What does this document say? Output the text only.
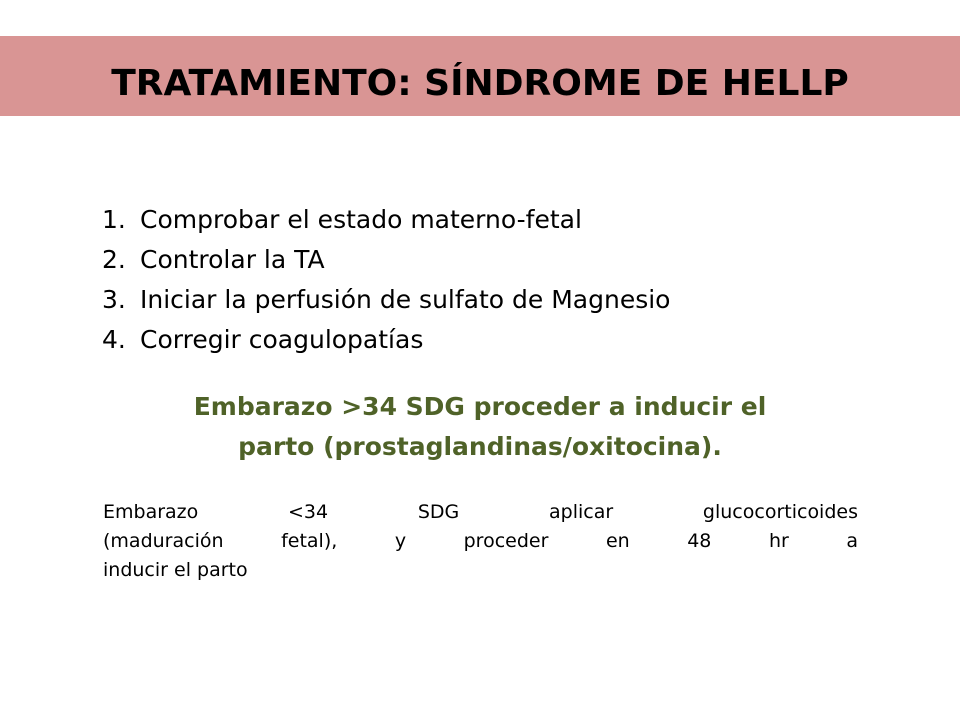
TRATAMIENTO: SÍNDROME DE HELLP
1. Comprobar el estado materno-fetal
2. Controlar la TA
3. Iniciar la perfusión de sulfato de Magnesio
4. Corregir coagulopatías
Embarazo >34 SDG proceder a inducir el
parto (prostaglandinas/oxitocina).
Embarazo <34 SDG aplicar glucocorticoides
(maduración fetal), y proceder en 48 hr a
inducir el parto
